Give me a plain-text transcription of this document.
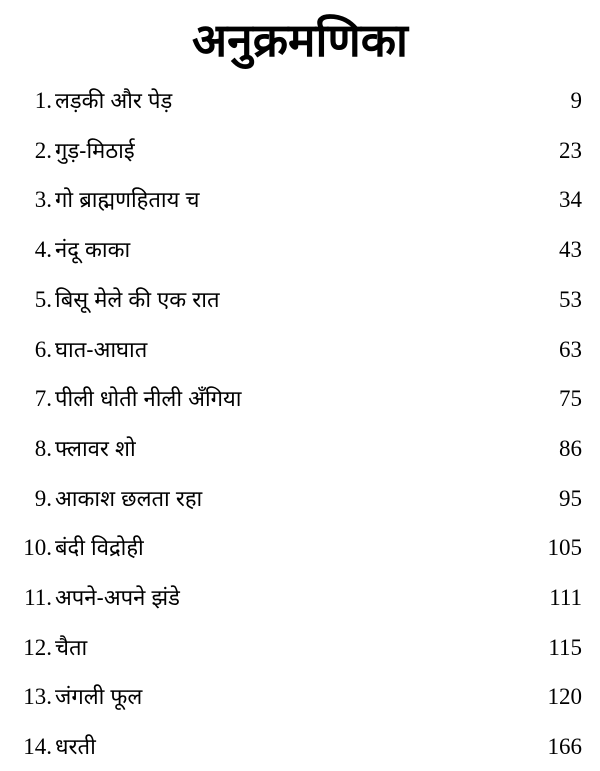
अनुक्रमणिका
1. लड़की और पेड़	9
2. गुड़-मिठाई	23
3. गो ब्राह्मणहिताय च	34
4. नंदू काका	43
5. बिसू मेले की एक रात	53
6. घात-आघात	63
7. पीली धोती नीली अँगिया	75
8. फ्लावर शो	86
9. आकाश छलता रहा	95
10. बंदी विद्रोही	105
11. अपने-अपने झंडे	111
12. चैता	115
13. जंगली फूल	120
14. धरती	166
